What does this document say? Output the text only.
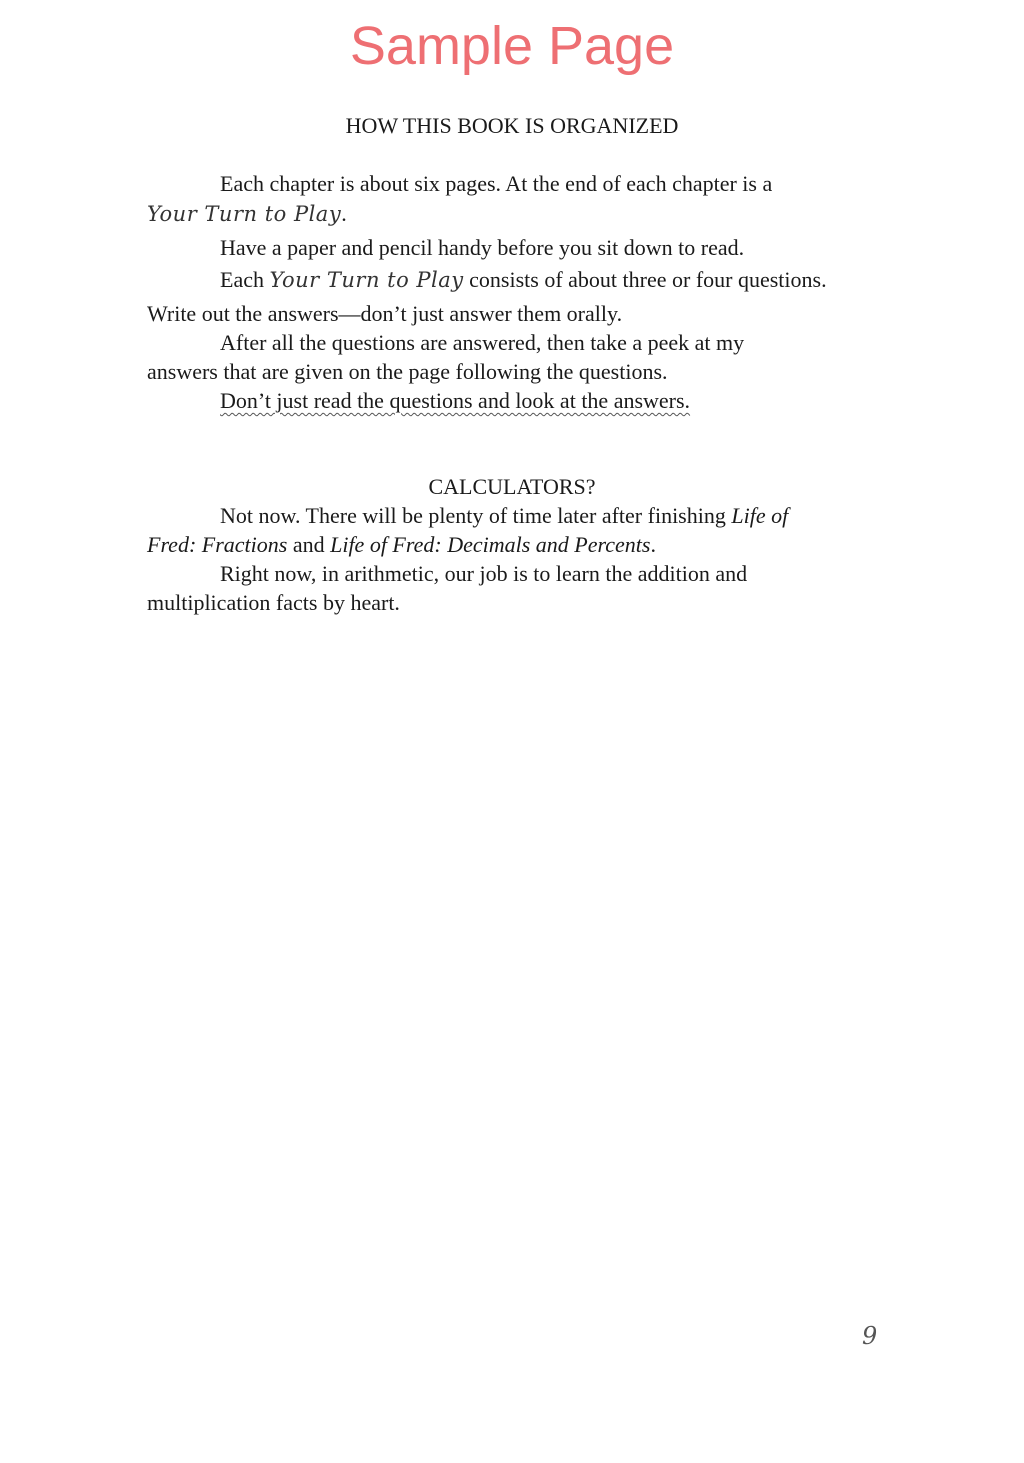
Sample Page
HOW THIS BOOK IS ORGANIZED
Each chapter is about six pages. At the end of each chapter is a
Your Turn to Play.
Have a paper and pencil handy before you sit down to read.
Each Your Turn to Play consists of about three or four questions.
Write out the answers—don’t just answer them orally.
After all the questions are answered, then take a peek at my
answers that are given on the page following the questions.
Don’t just read the questions and look at the answers.
CALCULATORS?
Not now. There will be plenty of time later after finishing Life of
Fred: Fractions and Life of Fred: Decimals and Percents.
Right now, in arithmetic, our job is to learn the addition and
multiplication facts by heart.
9
